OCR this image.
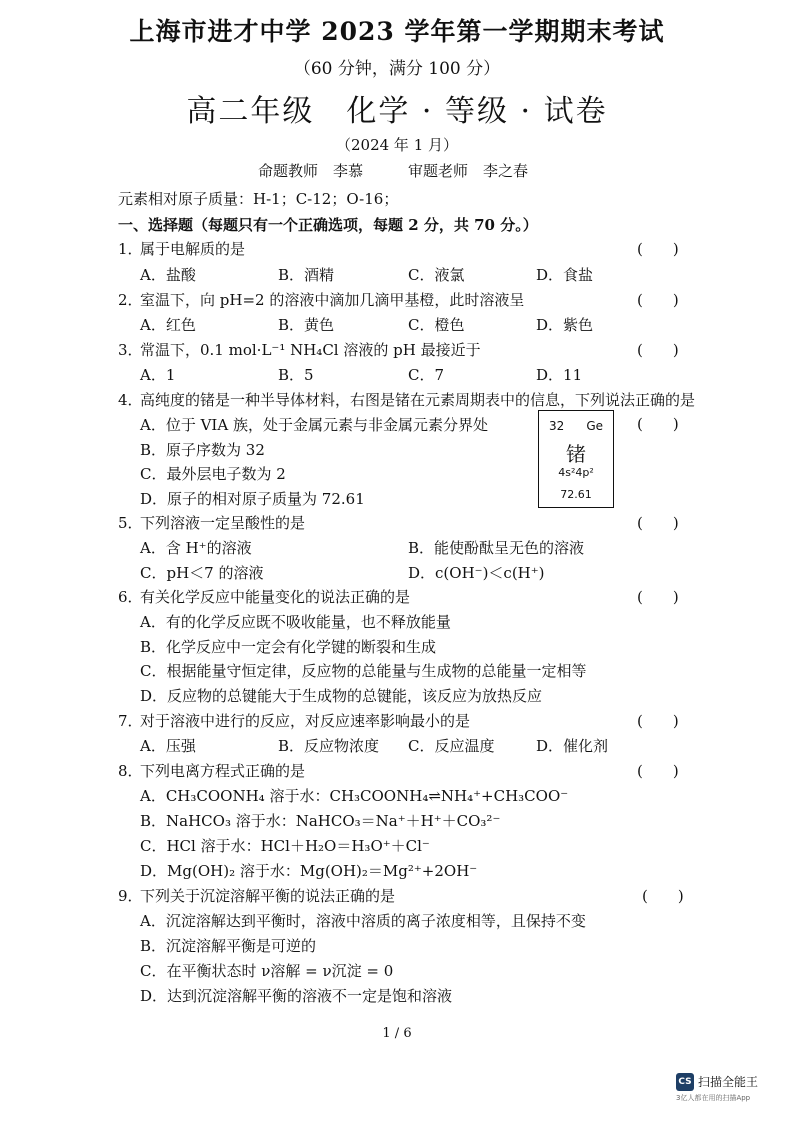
上海市进才中学 2023 学年第一学期期末考试
（60 分钟，满分 100 分）
高二年级　化学 · 等级 · 试卷
（2024 年 1 月）
命题教师　李慕　　　审题老师　李之春
元素相对原子质量：H-1；C-12；O-16；
一、选择题（每题只有一个正确选项，每题 2 分，共 70 分。）
1．属于电解质的是	(　　)
A．盐酸	B．酒精	C．液氯	D．食盐
2．室温下，向 pH=2 的溶液中滴加几滴甲基橙，此时溶液呈	(　　)
A．红色	B．黄色	C．橙色	D．紫色
3．常温下，0.1 mol·L⁻¹ NH₄Cl 溶液的 pH 最接近于	(　　)
A．1	B．5	C．7	D．11
4．高纯度的锗是一种半导体材料，右图是锗在元素周期表中的信息，下列说法正确的是
(　　)
A．位于 VIA 族，处于金属元素与非金属元素分界处
B．原子序数为 32
C．最外层电子数为 2
D．原子的相对原子质量为 72.61
32 Ge
锗
4s²4p²
72.61
5．下列溶液一定呈酸性的是	(　　)
A．含 H⁺的溶液	B．能使酚酞呈无色的溶液
C．pH＜7 的溶液	D．c(OH⁻)＜c(H⁺)
6．有关化学反应中能量变化的说法正确的是	(　　)
A．有的化学反应既不吸收能量，也不释放能量
B．化学反应中一定会有化学键的断裂和生成
C．根据能量守恒定律，反应物的总能量与生成物的总能量一定相等
D．反应物的总键能大于生成物的总键能，该反应为放热反应
7．对于溶液中进行的反应，对反应速率影响最小的是	(　　)
A．压强	B．反应物浓度 C．反应温度	D．催化剂
8．下列电离方程式正确的是	(　　)
A．CH₃COONH₄ 溶于水：CH₃COONH₄⇌NH₄⁺+CH₃COO⁻
B．NaHCO₃ 溶于水：NaHCO₃＝Na⁺＋H⁺＋CO₃²⁻
C．HCl 溶于水：HCl＋H₂O＝H₃O⁺＋Cl⁻
D．Mg(OH)₂ 溶于水：Mg(OH)₂＝Mg²⁺+2OH⁻
9．下列关于沉淀溶解平衡的说法正确的是	(　　)
A．沉淀溶解达到平衡时，溶液中溶质的离子浓度相等，且保持不变
B．沉淀溶解平衡是可逆的
C．在平衡状态时 ν溶解 = ν沉淀 = 0
D．达到沉淀溶解平衡的溶液不一定是饱和溶液
1 / 6
CS 扫描全能王
3亿人都在用的扫描App
